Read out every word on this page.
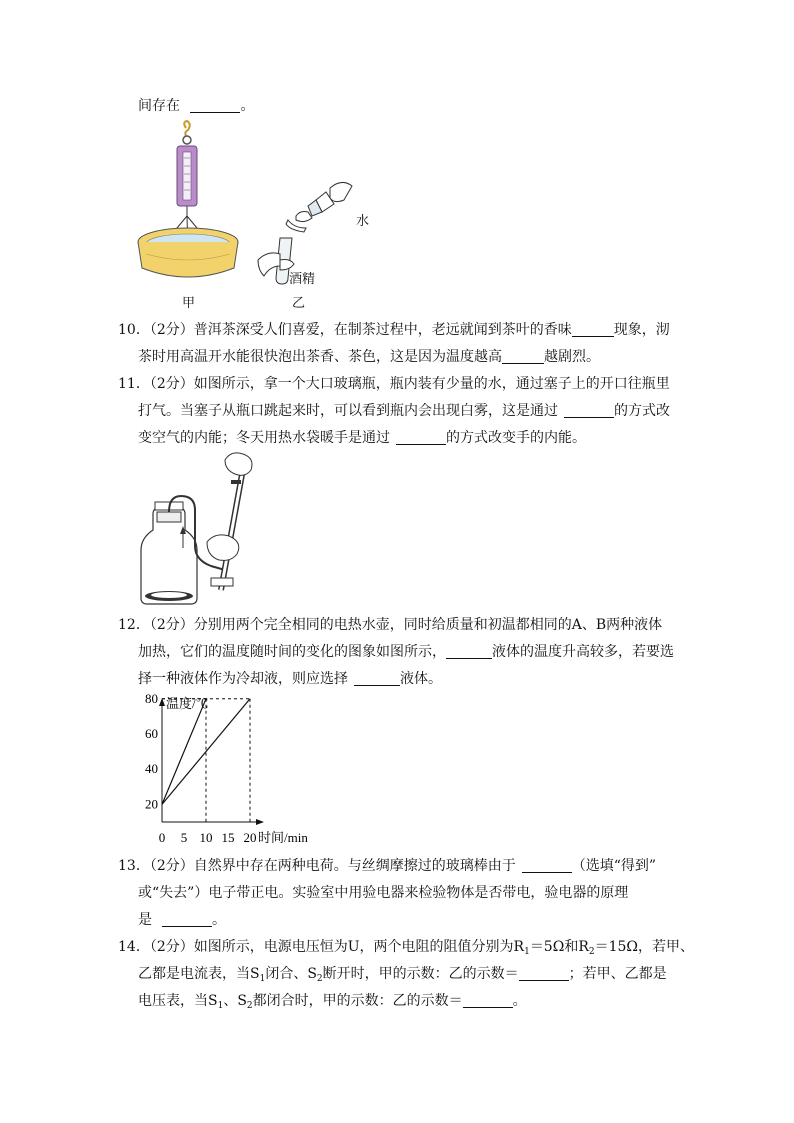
间存在	。
水
酒精
甲	乙
10．（2分）普洱茶深受人们喜爱，在制茶过程中，老远就闻到茶叶的香味	现象，沏
茶时用高温开水能很快泡出茶香、茶色，这是因为温度越高	越剧烈。
11．（2分）如图所示，拿一个大口玻璃瓶，瓶内装有少量的水，通过塞子上的开口往瓶里
打气。当塞子从瓶口跳起来时，可以看到瓶内会出现白雾，这是通过	的方式改
变空气的内能；冬天用热水袋暖手是通过	的方式改变手的内能。
12．（2分）分别用两个完全相同的电热水壶，同时给质量和初温都相同的A、B两种液体
加热，它们的温度随时间的变化的图象如图所示，	液体的温度升高较多，若要选
择一种液体作为冷却液，则应选择	液体。
温度/℃
时间/min
20
40
60
80
0 5 10 15 20
13．（2分）自然界中存在两种电荷。与丝绸摩擦过的玻璃棒由于	（选填“得到”
或“失去”）电子带正电。实验室中用验电器来检验物体是否带电，验电器的原理
是	。
14．（2分）如图所示，电源电压恒为U，两个电阻的阻值分别为$R_1=5\Omega$和$R_2=15\Omega$，若甲、
乙都是电流表，当$S_1$闭合、$S_2$断开时，甲的示数：乙的示数＝	；若甲、乙都是
电压表，当$S_1$、$S_2$都闭合时，甲的示数：乙的示数＝	。
